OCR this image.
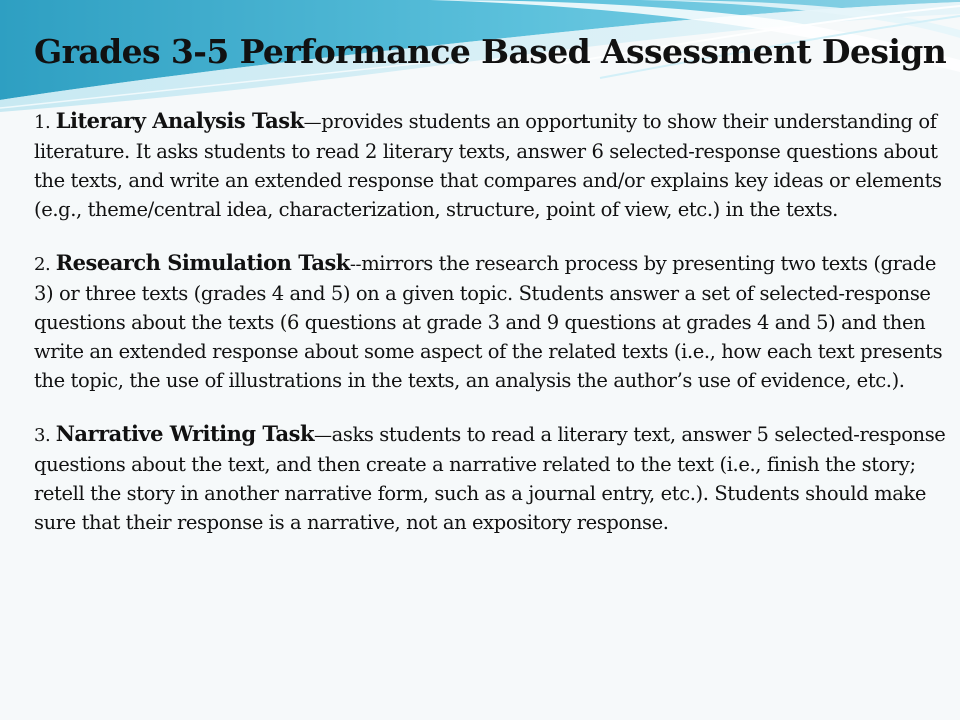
Grades 3-5 Performance Based Assessment Design

1. Literary Analysis Task—provides students an opportunity to show their understanding of literature. It asks students to read 2 literary texts, answer 6 selected-response questions about the texts, and write an extended response that compares and/or explains key ideas or elements (e.g., theme/central idea, characterization, structure, point of view, etc.) in the texts.

2. Research Simulation Task--mirrors the research process by presenting two texts (grade 3) or three texts (grades 4 and 5) on a given topic. Students answer a set of selected-response questions about the texts (6 questions at grade 3 and 9 questions at grades 4 and 5) and then write an extended response about some aspect of the related texts (i.e., how each text presents the topic, the use of illustrations in the texts, an analysis the author’s use of evidence, etc.).

3. Narrative Writing Task—asks students to read a literary text, answer 5 selected-response questions about the text, and then create a narrative related to the text (i.e., finish the story; retell the story in another narrative form, such as a journal entry, etc.). Students should make sure that their response is a narrative, not an expository response.
